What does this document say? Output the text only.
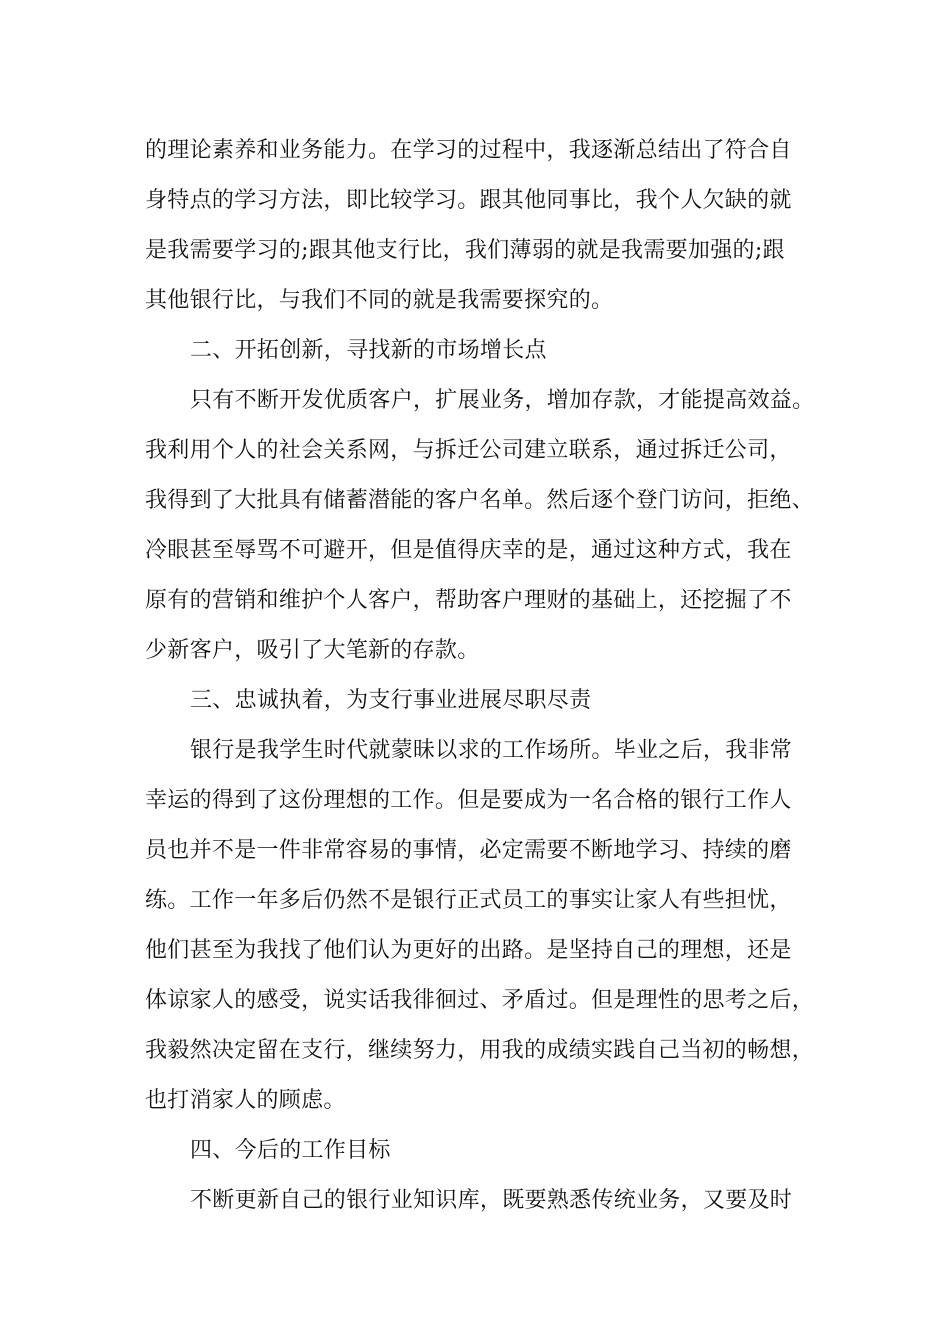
的理论素养和业务能力。在学习的过程中，我逐渐总结出了符合自

身特点的学习方法，即比较学习。跟其他同事比，我个人欠缺的就

是我需要学习的;跟其他支行比，我们薄弱的就是我需要加强的;跟

其他银行比，与我们不同的就是我需要探究的。

二、开拓创新，寻找新的市场增长点

只有不断开发优质客户，扩展业务，增加存款，才能提高效益。

我利用个人的社会关系网，与拆迁公司建立联系，通过拆迁公司，

我得到了大批具有储蓄潜能的客户名单。然后逐个登门访问，拒绝、

冷眼甚至辱骂不可避开，但是值得庆幸的是，通过这种方式，我在

原有的营销和维护个人客户，帮助客户理财的基础上，还挖掘了不

少新客户，吸引了大笔新的存款。

三、忠诚执着，为支行事业进展尽职尽责

银行是我学生时代就蒙昧以求的工作场所。毕业之后，我非常

幸运的得到了这份理想的工作。但是要成为一名合格的银行工作人

员也并不是一件非常容易的事情，必定需要不断地学习、持续的磨

练。工作一年多后仍然不是银行正式员工的事实让家人有些担忧，

他们甚至为我找了他们认为更好的出路。是坚持自己的理想，还是

体谅家人的感受，说实话我徘徊过、矛盾过。但是理性的思考之后，

我毅然决定留在支行，继续努力，用我的成绩实践自己当初的畅想，

也打消家人的顾虑。

四、今后的工作目标

不断更新自己的银行业知识库，既要熟悉传统业务，又要及时
